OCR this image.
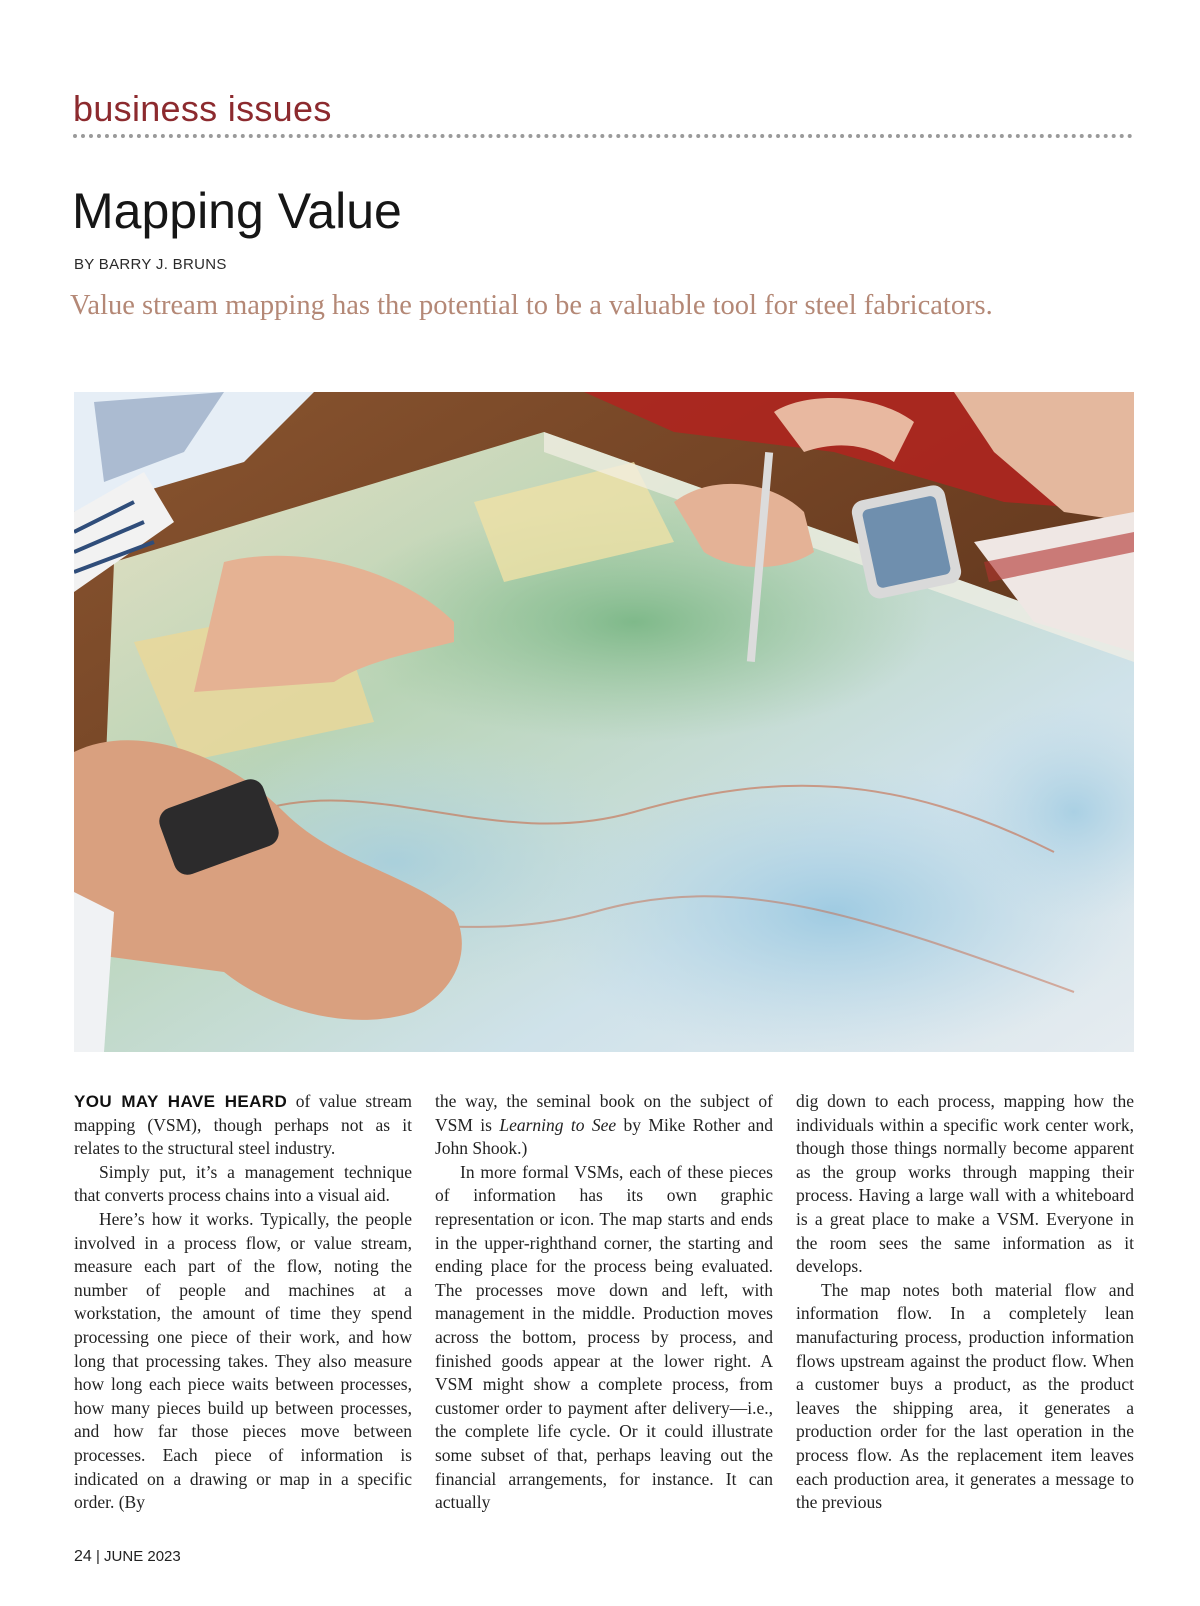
business issues
Mapping Value
BY BARRY J. BRUNS
Value stream mapping has the potential to be a valuable tool for steel fabricators.

YOU MAY HAVE HEARD of value stream mapping (VSM), though perhaps not as it relates to the structural steel industry.

Simply put, it’s a management technique that converts process chains into a visual aid.

Here’s how it works. Typically, the people involved in a process flow, or value stream, measure each part of the flow, noting the number of people and machines at a workstation, the amount of time they spend processing one piece of their work, and how long that processing takes. They also measure how long each piece waits between processes, how many pieces build up between processes, and how far those pieces move between processes. Each piece of information is indicated on a drawing or map in a specific order. (By

the way, the seminal book on the subject of VSM is Learning to See by Mike Rother and John Shook.)

In more formal VSMs, each of these pieces of information has its own graphic representation or icon. The map starts and ends in the upper-righthand corner, the starting and ending place for the process being evaluated. The processes move down and left, with management in the middle. Production moves across the bottom, process by process, and finished goods appear at the lower right. A VSM might show a complete process, from customer order to payment after delivery—i.e., the complete life cycle. Or it could illustrate some subset of that, perhaps leaving out the financial arrangements, for instance. It can actually

dig down to each process, mapping how the individuals within a specific work center work, though those things normally become apparent as the group works through mapping their process. Having a large wall with a whiteboard is a great place to make a VSM. Everyone in the room sees the same information as it develops.

The map notes both material flow and information flow. In a completely lean manufacturing process, production information flows upstream against the product flow. When a customer buys a product, as the product leaves the shipping area, it generates a production order for the last operation in the process flow. As the replacement item leaves each production area, it generates a message to the previous

24 | JUNE 2023
